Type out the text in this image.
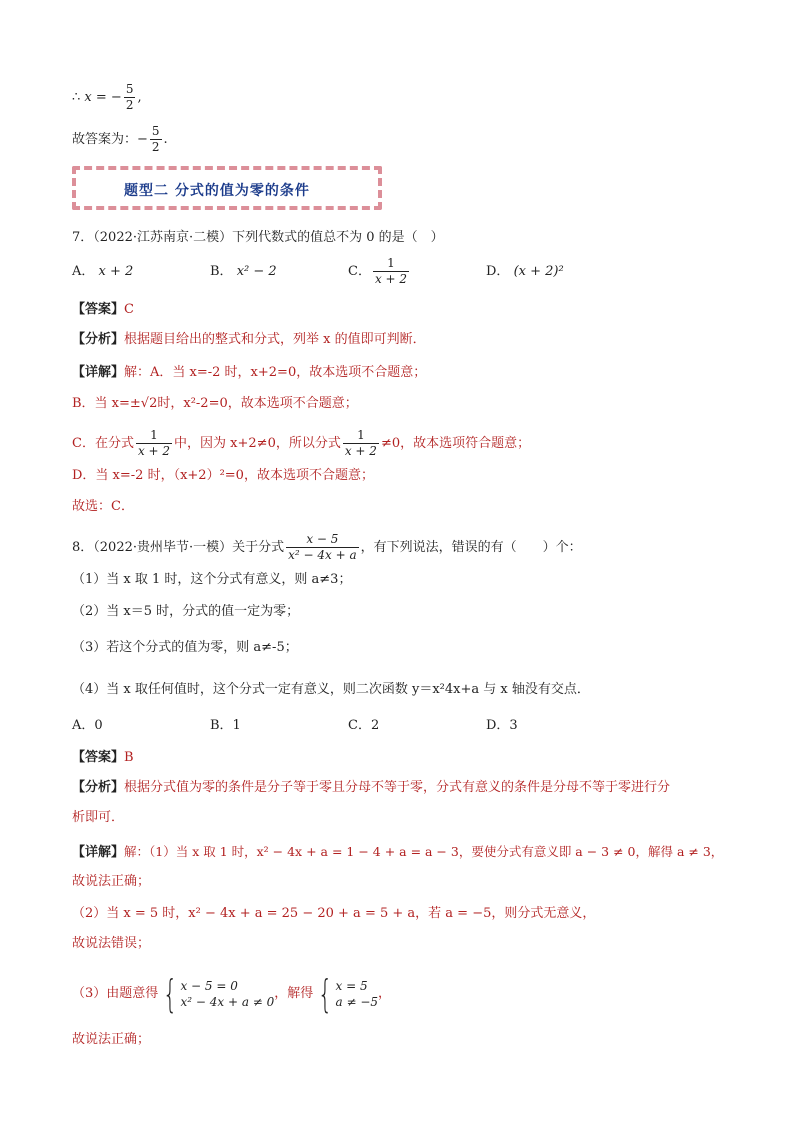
∴ x = − $\frac{5}{2}$ ,
故答案为：− $\frac{5}{2}$ .
题型二 分式的值为零的条件
7．（2022·江苏南京·二模）下列代数式的值总不为 0 的是（　）
A． x + 2	B． x² − 2	C． $\frac{1}{x + 2}$	D． (x + 2)²
【答案】C
【分析】根据题目给出的整式和分式，列举 x 的值即可判断．
【详解】解：A．当 x=-2 时，x+2=0，故本选项不合题意；
B．当 x=±√2时，x²-2=0，故本选项不合题意；
C．在分式 $\frac{1}{x + 2}$ 中，因为 x+2≠0，所以分式 $\frac{1}{x + 2} \ne 0$，故本选项符合题意；
D．当 x=-2 时，（x+2）²=0，故本选项不合题意；
故选：C．
8．（2022·贵州毕节·一模）关于分式 $\frac{x - 5}{\text{x² − 4x + a}}$ ，有下列说法，错误的有（　　）个：
（1）当 x 取 1 时，这个分式有意义，则 a≠3；
（2）当 x＝5 时，分式的值一定为零；
（3）若这个分式的值为零，则 a≠-5；
（4）当 x 取任何值时，这个分式一定有意义，则二次函数 y＝x²4x+a 与 x 轴没有交点．
A．0	B．1	C．2	D．3
【答案】B
【分析】根据分式值为零的条件是分子等于零且分母不等于零，分式有意义的条件是分母不等于零进行分
析即可．
【详解】解：（1）当 x 取 1 时，x² − 4x + a = 1 − 4 + a = a − 3，要使分式有意义即 a − 3 ≠ 0，解得 a ≠ 3，
故说法正确；
（2）当 x = 5 时，x² − 4x + a = 25 − 20 + a = 5 + a，若 a = −5，则分式无意义，
故说法错误；
（3）由题意得 { x − 5 = 0
x² − 4x + a ≠ 0
，解得 { x = 5
a ≠ −5
，
故说法正确；
